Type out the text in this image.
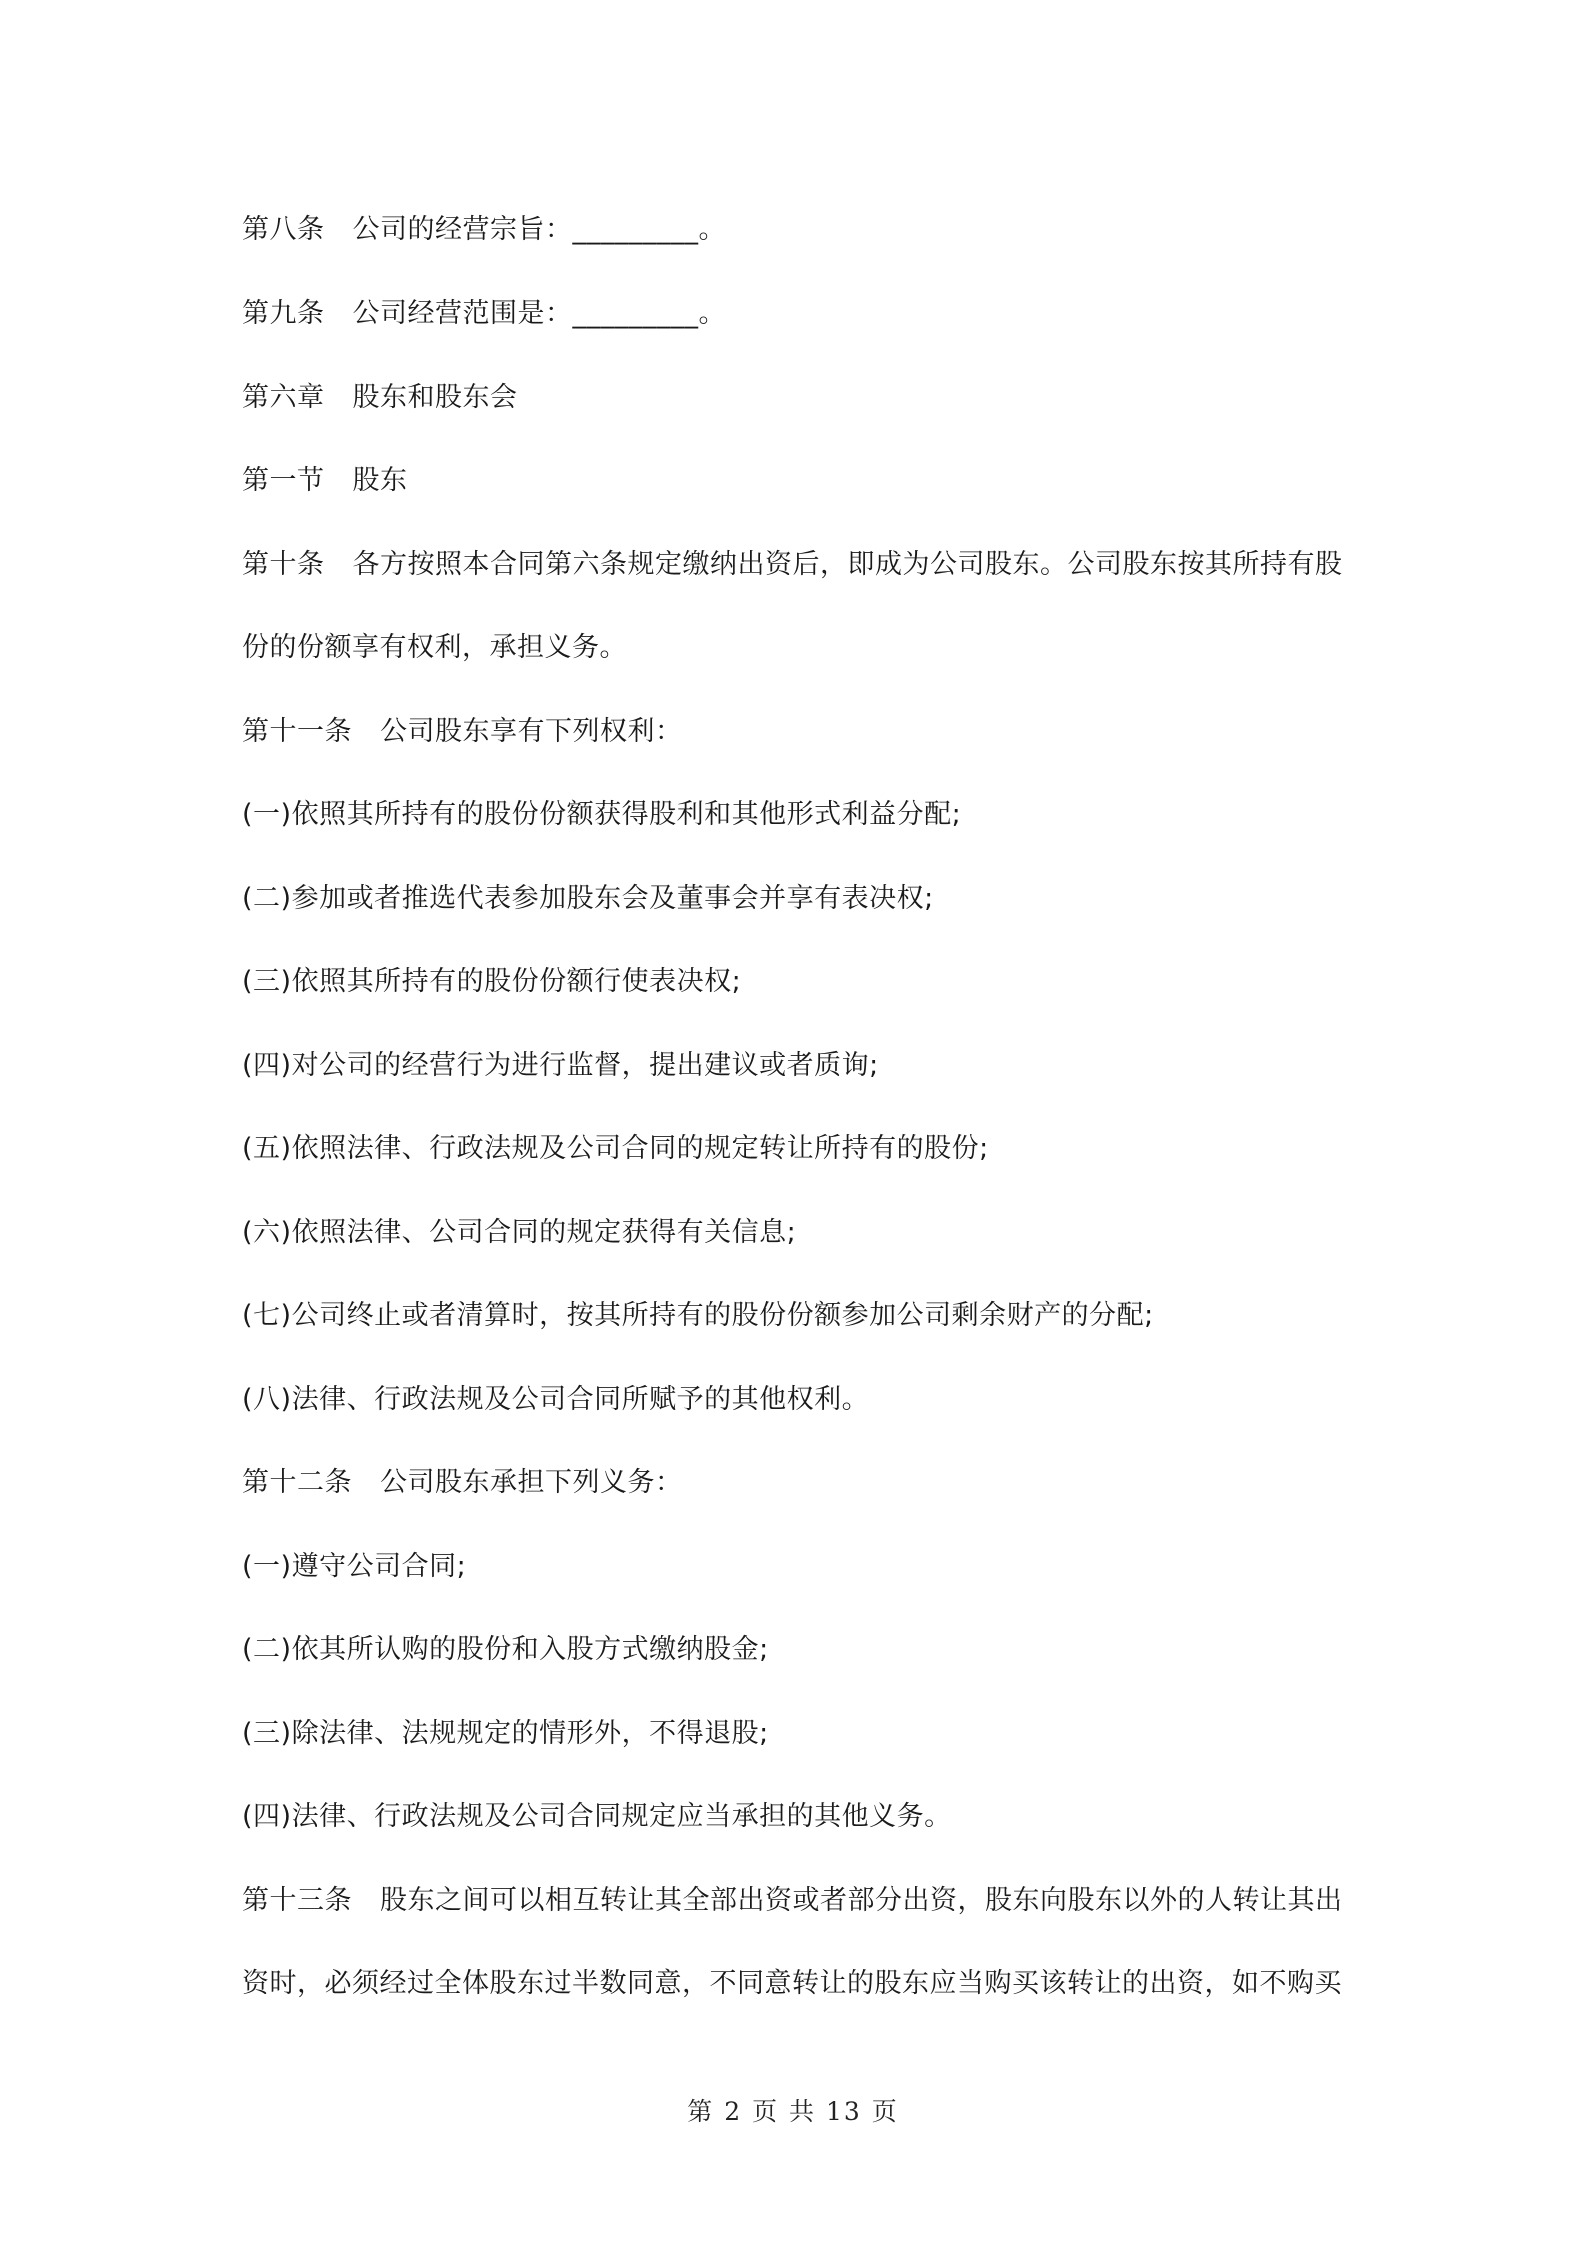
第八条 公司的经营宗旨：_________。
第九条 公司经营范围是：_________。
第六章 股东和股东会
第一节 股东
第十条 各方按照本合同第六条规定缴纳出资后，即成为公司股东。公司股东按其所持有股
份的份额享有权利，承担义务。
第十一条 公司股东享有下列权利：
(一)依照其所持有的股份份额获得股利和其他形式利益分配;
(二)参加或者推选代表参加股东会及董事会并享有表决权;
(三)依照其所持有的股份份额行使表决权;
(四)对公司的经营行为进行监督，提出建议或者质询;
(五)依照法律、行政法规及公司合同的规定转让所持有的股份;
(六)依照法律、公司合同的规定获得有关信息;
(七)公司终止或者清算时，按其所持有的股份份额参加公司剩余财产的分配;
(八)法律、行政法规及公司合同所赋予的其他权利。
第十二条 公司股东承担下列义务：
(一)遵守公司合同;
(二)依其所认购的股份和入股方式缴纳股金;
(三)除法律、法规规定的情形外，不得退股;
(四)法律、行政法规及公司合同规定应当承担的其他义务。
第十三条 股东之间可以相互转让其全部出资或者部分出资，股东向股东以外的人转让其出
资时，必须经过全体股东过半数同意，不同意转让的股东应当购买该转让的出资，如不购买
第 2 页 共 13 页
